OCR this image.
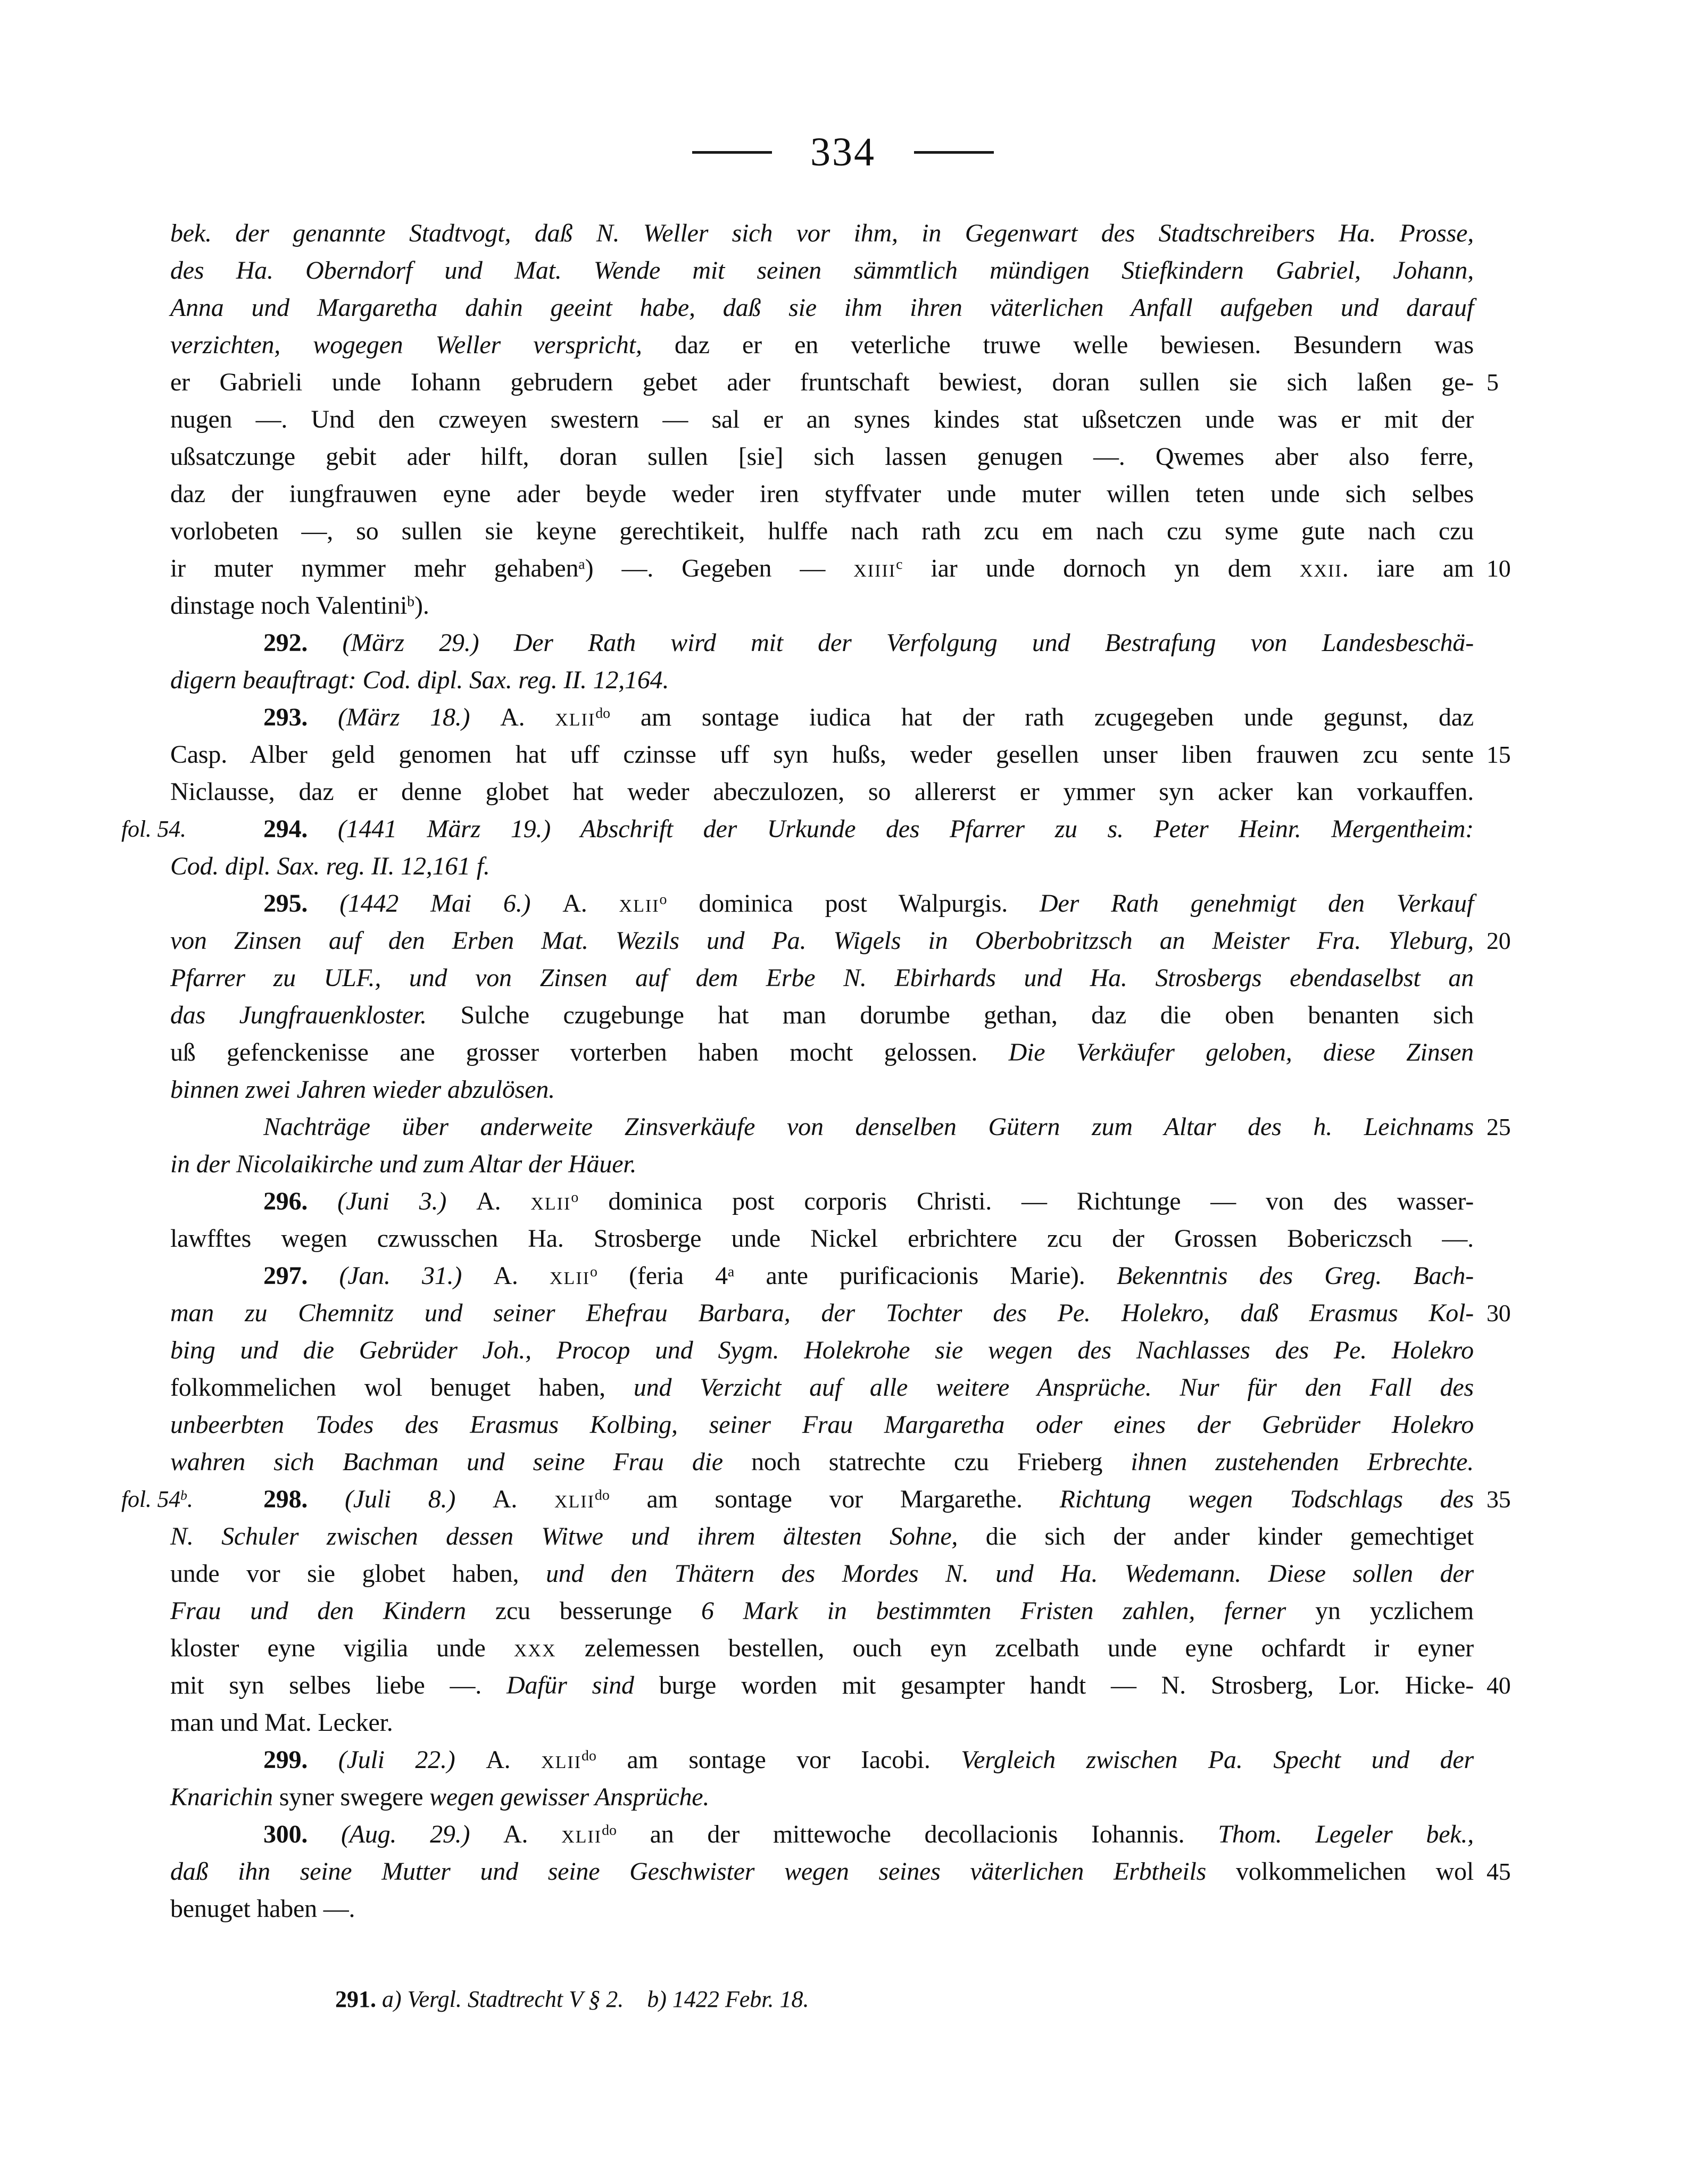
334
bek. der genannte Stadtvogt, daß N. Weller sich vor ihm, in Gegenwart des Stadtschreibers Ha. Prosse,
des Ha. Oberndorf und Mat. Wende mit seinen sämmtlich mündigen Stiefkindern Gabriel, Johann,
Anna und Margaretha dahin geeint habe, daß sie ihm ihren väterlichen Anfall aufgeben und darauf
verzichten, wogegen Weller verspricht, daz er en veterliche truwe welle bewiesen. Besundern was
er Gabrieli unde Iohann gebrudern gebet ader fruntschaft bewiest, doran sullen sie sich laßen ge- 5
nugen —. Und den czweyen swestern — sal er an synes kindes stat ußsetczen unde was er mit der
ußsatczunge gebit ader hilft, doran sullen [sie] sich lassen genugen —. Qwemes aber also ferre,
daz der iungfrauwen eyne ader beyde weder iren styffvater unde muter willen teten unde sich selbes
vorlobeten —, so sullen sie keyne gerechtikeit, hulffe nach rath zcu em nach czu syme gute nach czu
ir muter nymmer mehr gehaben$^a$) —. Gegeben — xiiii$^c$ iar unde dornoch yn dem xxii. iare am 10
dinstage noch Valentini$^b$).
292. (März 29.) Der Rath wird mit der Verfolgung und Bestrafung von Landesbeschä-
digern beauftragt: Cod. dipl. Sax. reg. II. 12,164.
293. (März 18.) A. xlii$^{do}$ am sontage iudica hat der rath zcugegeben unde gegunst, daz
Casp. Alber geld genomen hat uff czinsse uff syn hußs, weder gesellen unser liben frauwen zcu sente 15
Niclausse, daz er denne globet hat weder abeczulozen, so allererst er ymmer syn acker kan vorkauffen.
fol. 54.	294. (1441 März 19.) Abschrift der Urkunde des Pfarrer zu s. Peter Heinr. Mergentheim:
Cod. dipl. Sax. reg. II. 12,161 f.
295. (1442 Mai 6.) A. xlii$^o$ dominica post Walpurgis. Der Rath genehmigt den Verkauf
von Zinsen auf den Erben Mat. Wezils und Pa. Wigels in Oberbobritzsch an Meister Fra. Yleburg, 20
Pfarrer zu ULF., und von Zinsen auf dem Erbe N. Ebirhards und Ha. Strosbergs ebendaselbst an
das Jungfrauenkloster. Sulche czugebunge hat man dorumbe gethan, daz die oben benanten sich
uß gefenckenisse ane grosser vorterben haben mocht gelossen. Die Verkäufer geloben, diese Zinsen
binnen zwei Jahren wieder abzulösen.
Nachträge über anderweite Zinsverkäufe von denselben Gütern zum Altar des h. Leichnams 25
in der Nicolaikirche und zum Altar der Häuer.
296. (Juni 3.) A. xlii$^o$ dominica post corporis Christi. — Richtunge — von des wasser-
lawfftes wegen czwusschen Ha. Strosberge unde Nickel erbrichtere zcu der Grossen Bobericzsch —.
297. (Jan. 31.) A. xlii$^o$ (feria 4$^a$ ante purificacionis Marie). Bekenntnis des Greg. Bach-
man zu Chemnitz und seiner Ehefrau Barbara, der Tochter des Pe. Holekro, daß Erasmus Kol- 30
bing und die Gebrüder Joh., Procop und Sygm. Holekrohe sie wegen des Nachlasses des Pe. Holekro
folkommelichen wol benuget haben, und Verzicht auf alle weitere Ansprüche. Nur für den Fall des
unbeerbten Todes des Erasmus Kolbing, seiner Frau Margaretha oder eines der Gebrüder Holekro
wahren sich Bachman und seine Frau die noch statrechte czu Frieberg ihnen zustehenden Erbrechte.
fol. 54$^b$.	298. (Juli 8.) A. xlii$^{do}$ am sontage vor Margarethe. Richtung wegen Todschlags des 35
N. Schuler zwischen dessen Witwe und ihrem ältesten Sohne, die sich der ander kinder gemechtiget
unde vor sie globet haben, und den Thätern des Mordes N. und Ha. Wedemann. Diese sollen der
Frau und den Kindern zcu besserunge 6 Mark in bestimmten Fristen zahlen, ferner yn yczlichem
kloster eyne vigilia unde xxx zelemessen bestellen, ouch eyn zcelbath unde eyne ochfardt ir eyner
mit syn selbes liebe —. Dafür sind burge worden mit gesampter handt — N. Strosberg, Lor. Hicke- 40
man und Mat. Lecker.
299. (Juli 22.) A. xlii$^{do}$ am sontage vor Iacobi. Vergleich zwischen Pa. Specht und der
Knarichin syner swegere wegen gewisser Ansprüche.
300. (Aug. 29.) A. xlii$^{do}$ an der mittewoche decollacionis Iohannis. Thom. Legeler bek.,
daß ihn seine Mutter und seine Geschwister wegen seines väterlichen Erbtheils volkommelichen wol 45
benuget haben —.
291. a) Vergl. Stadtrecht V § 2.   b) 1422 Febr. 18.
